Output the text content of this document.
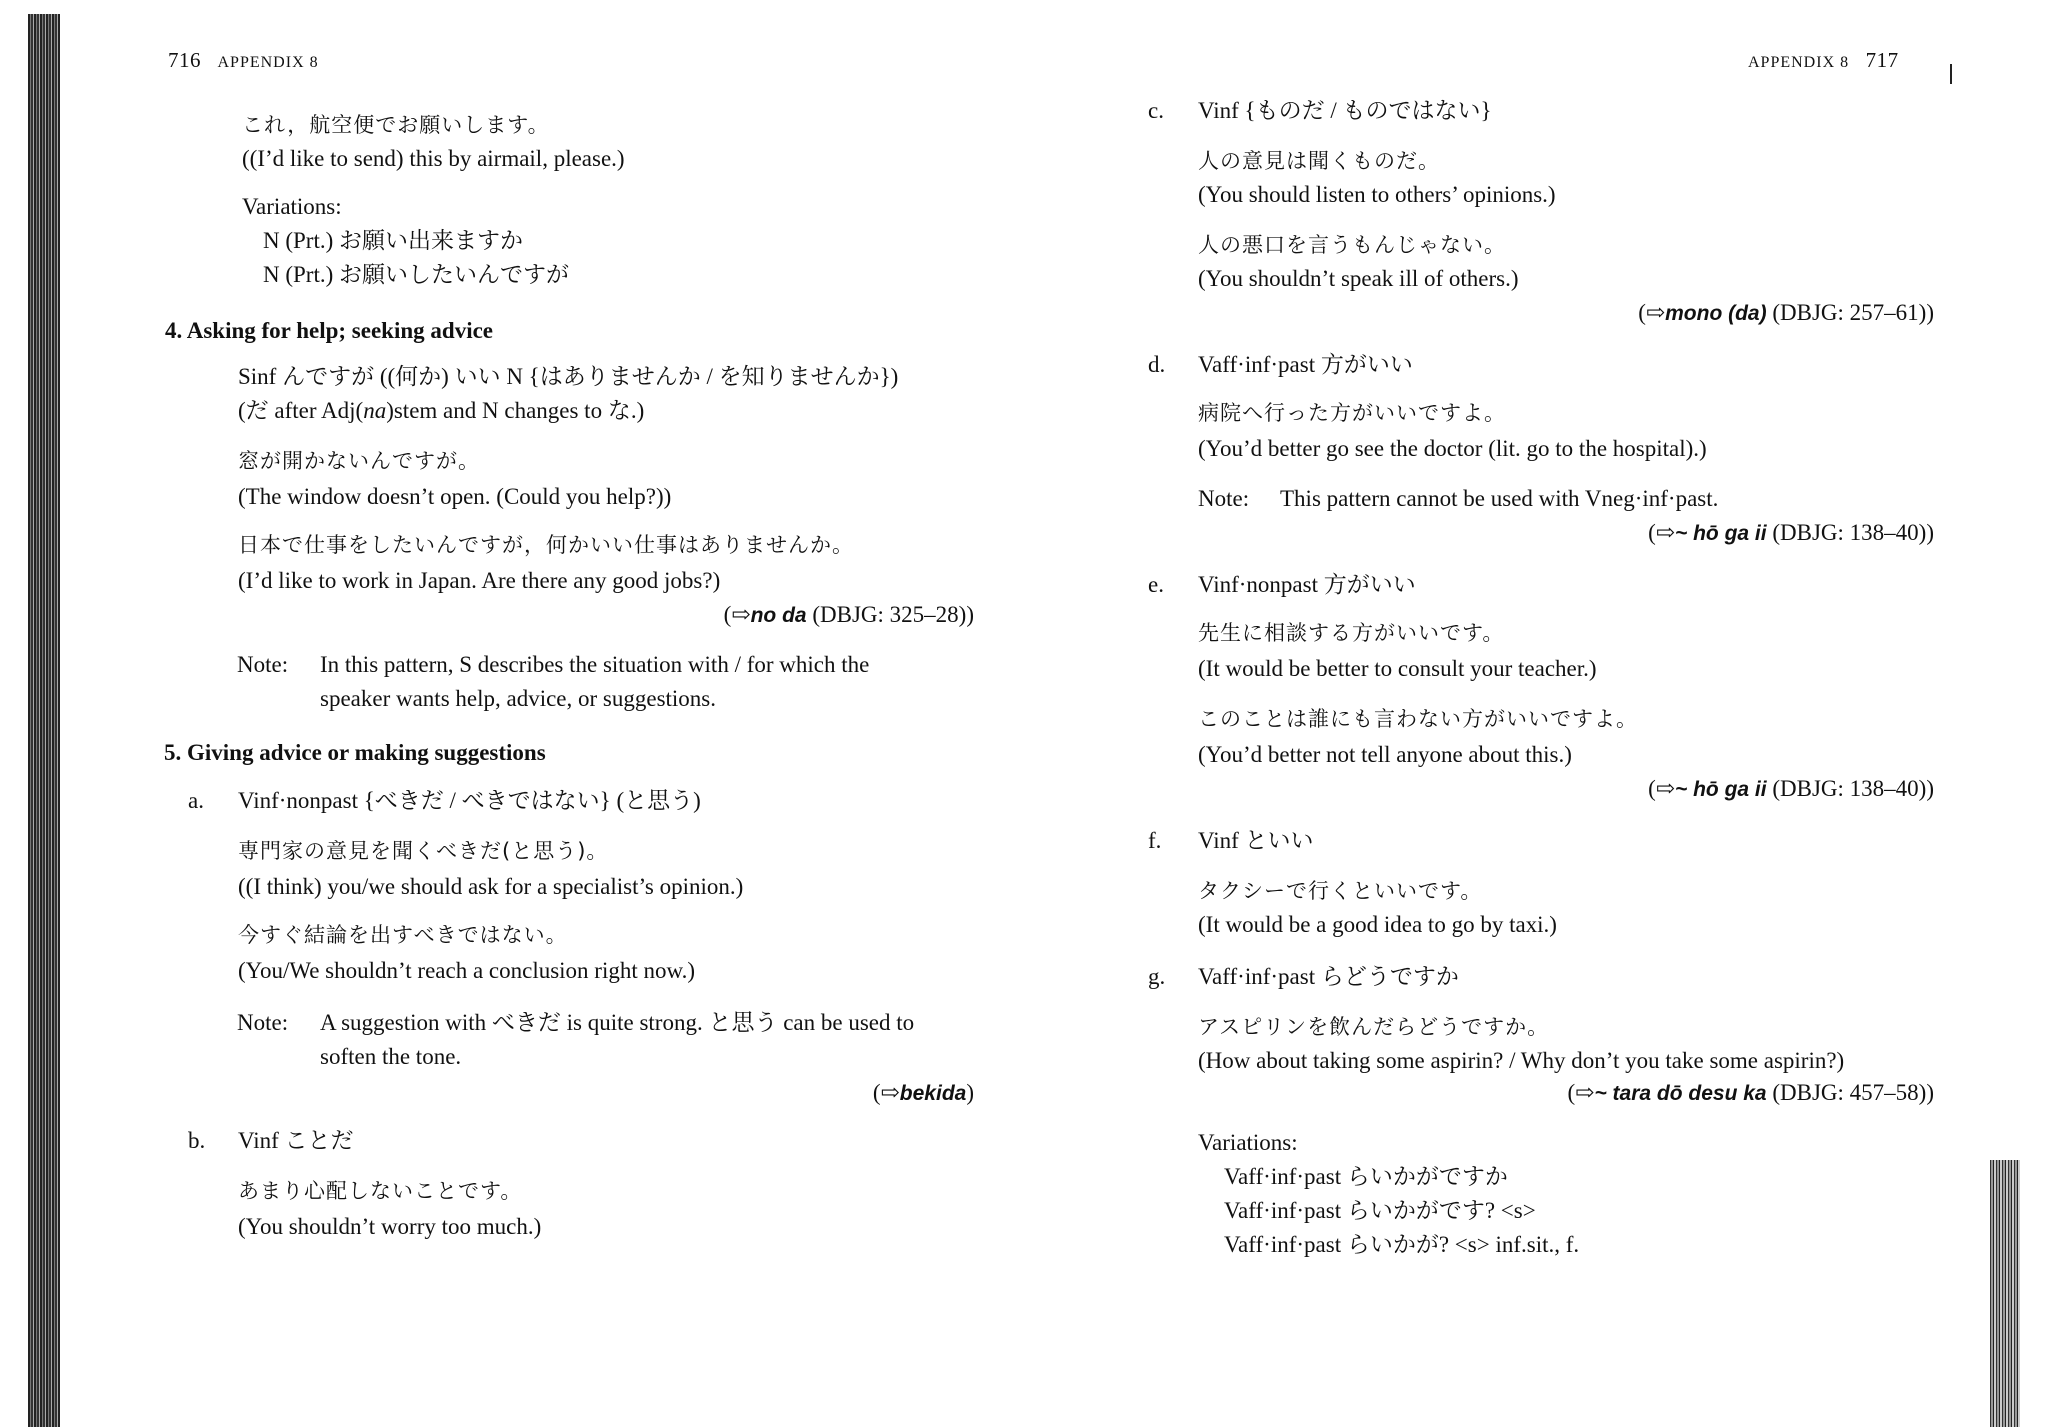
716 APPENDIX 8
これ，航空便でお願いします。
((I’d like to send) this by airmail, please.)
Variations:
N (Prt.) お願い出来ますか
N (Prt.) お願いしたいんですが
4. Asking for help; seeking advice
Sinf んですが ((何か) いい N {はありませんか / を知りませんか})
(だ after Adj(na)stem and N changes to な.)
窓が開かないんですが。
(The window doesn’t open. (Could you help?))
日本で仕事をしたいんですが，何かいい仕事はありませんか。
(I’d like to work in Japan. Are there any good jobs?)
(⇨no da (DBJG: 325–28))
Note: In this pattern, S describes the situation with / for which the
speaker wants help, advice, or suggestions.
5. Giving advice or making suggestions
a. Vinf·nonpast {べきだ / べきではない} (と思う)
専門家の意見を聞くべきだ(と思う)。
((I think) you/we should ask for a specialist’s opinion.)
今すぐ結論を出すべきではない。
(You/We shouldn’t reach a conclusion right now.)
Note: A suggestion with べきだ is quite strong. と思う can be used to
soften the tone.
(⇨bekida)
b. Vinf ことだ
あまり心配しないことです。
(You shouldn’t worry too much.)
APPENDIX 8 717
c. Vinf {ものだ / ものではない}
人の意見は聞くものだ。
(You should listen to others’ opinions.)
人の悪口を言うもんじゃない。
(You shouldn’t speak ill of others.)
(⇨mono (da) (DBJG: 257–61))
d. Vaff·inf·past 方がいい
病院へ行った方がいいですよ。
(You’d better go see the doctor (lit. go to the hospital).)
Note: This pattern cannot be used with Vneg·inf·past.
(⇨~ hō ga ii (DBJG: 138–40))
e. Vinf·nonpast 方がいい
先生に相談する方がいいです。
(It would be better to consult your teacher.)
このことは誰にも言わない方がいいですよ。
(You’d better not tell anyone about this.)
(⇨~ hō ga ii (DBJG: 138–40))
f. Vinf といい
タクシーで行くといいです。
(It would be a good idea to go by taxi.)
g. Vaff·inf·past らどうですか
アスピリンを飲んだらどうですか。
(How about taking some aspirin? / Why don’t you take some aspirin?)
(⇨~ tara dō desu ka (DBJG: 457–58))
Variations:
Vaff·inf·past らいかがですか
Vaff·inf·past らいかがです? <s>
Vaff·inf·past らいかが? <s> inf.sit., f.
